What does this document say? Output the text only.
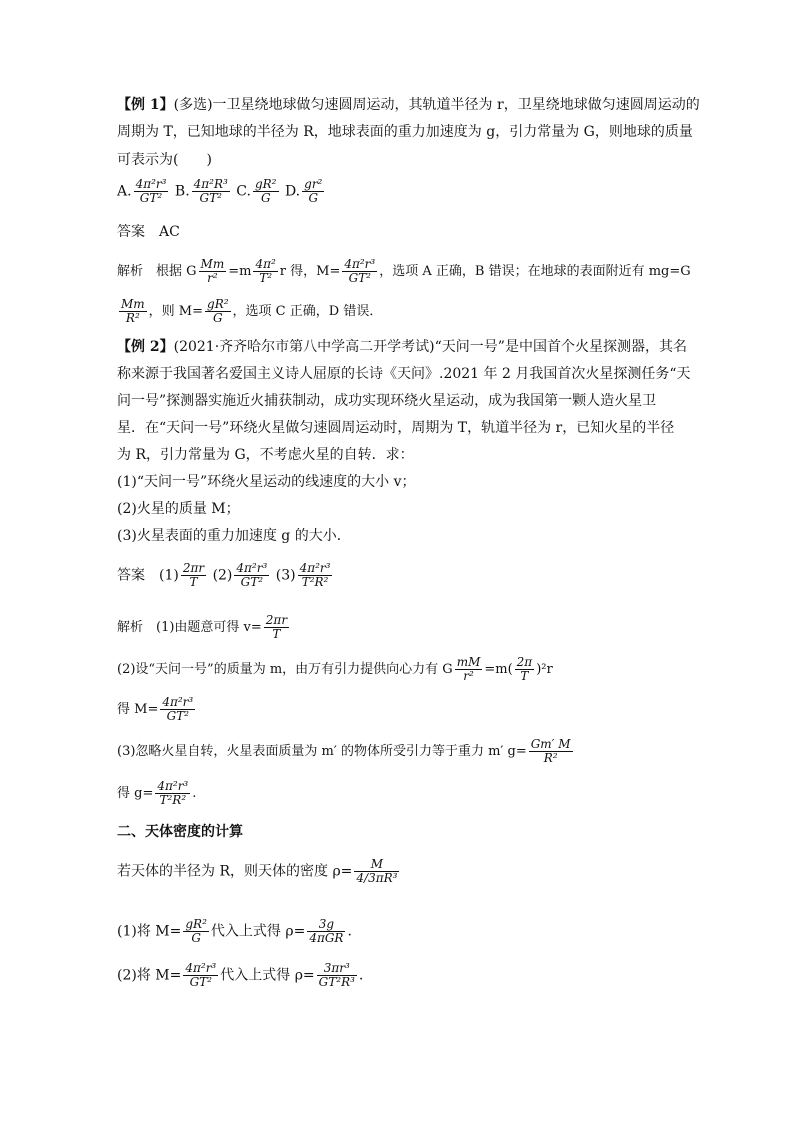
【例 1】(多选)一卫星绕地球做匀速圆周运动，其轨道半径为 r，卫星绕地球做匀速圆周运动的
周期为 T，已知地球的半径为 R，地球表面的重力加速度为 g，引力常量为 G，则地球的质量
可表示为(　　)
A. $\frac{\text{4π²r³}}{\text{GT²}} B$. $\frac{\text{4π²R³}}{\text{GT²}} C$. $\frac{\text{gR²}}{G} D$. $\frac{\text{gr²}}{G}$
答案　AC
解析　根据 G $\frac{Mm}{\text{r²}} =m \frac{\text{4π²}}{\text{T²}}$ r 得，$M= \frac{\text{4π²r³}}{\text{GT²}}$ ，选项 A 正确，B 错误；在地球的表面附近有 mg=G
$\frac{Mm}{\text{R²}}$ ，则 $M= \frac{\text{gR²}}{G}$ ，选项 C 正确，D 错误．
【例 2】(2021·齐齐哈尔市第八中学高二开学考试)“天问一号”是中国首个火星探测器，其名
称来源于我国著名爱国主义诗人屈原的长诗《天问》.2021 年 2 月我国首次火星探测任务“天
问一号”探测器实施近火捕获制动，成功实现环绕火星运动，成为我国第一颗人造火星卫
星．在“天问一号”环绕火星做匀速圆周运动时，周期为 T，轨道半径为 r，已知火星的半径
为 R，引力常量为 G，不考虑火星的自转．求：
(1)“天问一号”环绕火星运动的线速度的大小 v；
(2)火星的质量 M；
(3)火星表面的重力加速度 g 的大小．
答案　$(1) \frac{2\pi r}{T} (2) \frac{\text{4π²r³}}{\text{GT²}} (3) \frac{\text{4π²r³}}{\text{T²R²}}$
解析　(1)由题意可得 $v= \frac{2\pi r}{T}$
(2)设“天问一号”的质量为 m，由万有引力提供向心力有 G $\frac{mM}{\text{r²}} =m( \frac{2\pi}{T} )^2r$
得 $M= \frac{\text{4π²r³}}{\text{GT²}}$
(3)忽略火星自转，火星表面质量为 m′ 的物体所受引力等于重力 m′ $g= \frac{Gm' M}{\text{R²}}$
得 $g= \frac{\text{4π²r³}}{\text{T²R²}}$ .
二、天体密度的计算
若天体的半径为 R，则天体的密度 $\rho= \frac{M}{\text{4/3πR³}}$
(1)将 $M= \frac{\text{gR²}}{G}$ 代入上式得 $\rho= \frac{3g}{\text{4πGR}}$ .
(2)将 $M= \frac{\text{4π²r³}}{\text{GT²}}$ 代入上式得 $\rho= \frac{\text{3πr³}}{\text{GT²R³}}$ .
